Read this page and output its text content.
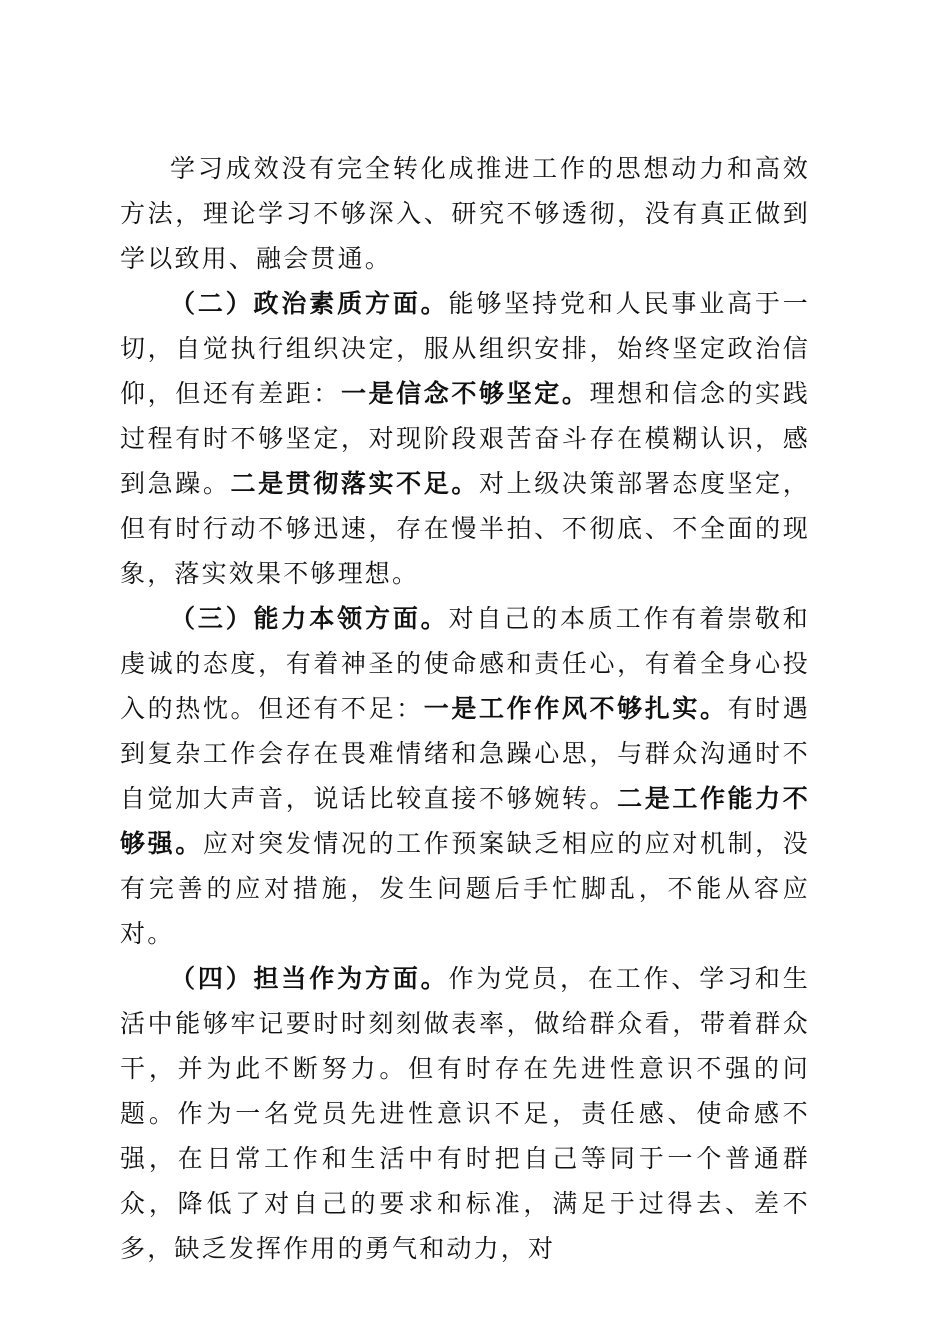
学习成效没有完全转化成推进工作的思想动力和高效方法，理论学习不够深入、研究不够透彻，没有真正做到学以致用、融会贯通。

（二）政治素质方面。能够坚持党和人民事业高于一切，自觉执行组织决定，服从组织安排，始终坚定政治信仰，但还有差距：一是信念不够坚定。理想和信念的实践过程有时不够坚定，对现阶段艰苦奋斗存在模糊认识，感到急躁。二是贯彻落实不足。对上级决策部署态度坚定，但有时行动不够迅速，存在慢半拍、不彻底、不全面的现象，落实效果不够理想。

（三）能力本领方面。对自己的本质工作有着崇敬和虔诚的态度，有着神圣的使命感和责任心，有着全身心投入的热忱。但还有不足：一是工作作风不够扎实。有时遇到复杂工作会存在畏难情绪和急躁心思，与群众沟通时不自觉加大声音，说话比较直接不够婉转。二是工作能力不够强。应对突发情况的工作预案缺乏相应的应对机制，没有完善的应对措施，发生问题后手忙脚乱，不能从容应对。

（四）担当作为方面。作为党员，在工作、学习和生活中能够牢记要时时刻刻做表率，做给群众看，带着群众干，并为此不断努力。但有时存在先进性意识不强的问题。作为一名党员先进性意识不足，责任感、使命感不强，在日常工作和生活中有时把自己等同于一个普通群众，降低了对自己的要求和标准，满足于过得去、差不多，缺乏发挥作用的勇气和动力，对
